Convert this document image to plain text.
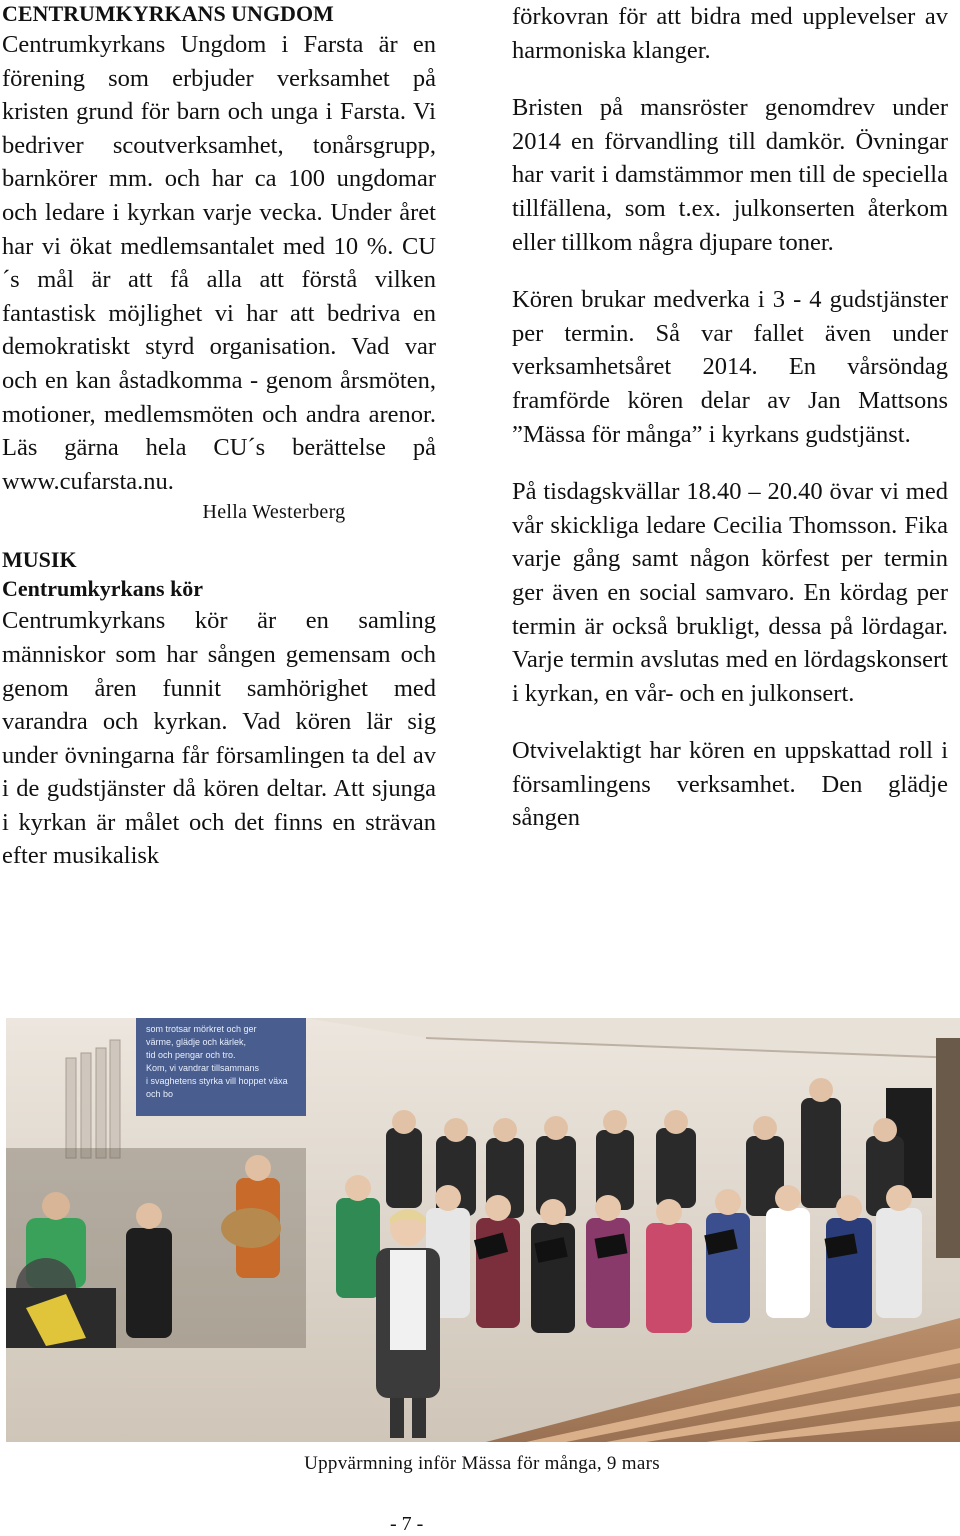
CENTRUMKYRKANS UNGDOM

Centrumkyrkans Ungdom i Farsta är en förening som erbjuder verksamhet på kristen grund för barn och unga i Farsta. Vi bedriver scoutverksamhet, tonårsgrupp, barnkörer mm. och har ca 100 ungdomar och ledare i kyrkan varje vecka. Under året har vi ökat medlemsantalet med 10 %. CU´s mål är att få alla att förstå vilken fantastisk möjlighet vi har att bedriva en demokratiskt styrd organisation. Vad var och en kan åstadkomma - genom årsmöten, motioner, medlemsmöten och andra arenor. Läs gärna hela CU´s berättelse på www.cufarsta.nu.

Hella Westerberg

MUSIK

Centrumkyrkans kör

Centrumkyrkans kör är en samling människor som har sången gemensam och genom åren funnit samhörighet med varandra och kyrkan. Vad kören lär sig under övningarna får församlingen ta del av i de gudstjänster då kören deltar. Att sjunga i kyrkan är målet och det finns en strävan efter musikalisk

förkovran för att bidra med upplevelser av harmoniska klanger.

Bristen på mansröster genomdrev under 2014 en förvandling till damkör. Övningar har varit i damstämmor men till de speciella tillfällena, som t.ex. julkonserten återkom eller tillkom några djupare toner.

Kören brukar medverka i 3 - 4 gudstjänster per termin. Så var fallet även under verksamhetsåret 2014. En vårsöndag framförde kören delar av Jan Mattsons ”Mässa för många” i kyrkans gudstjänst.

På tisdagskvällar 18.40 – 20.40 övar vi med vår skickliga ledare Cecilia Thomsson. Fika varje gång samt någon körfest per termin ger även en social samvaro. En kördag per termin är också brukligt, dessa på lördagar. Varje termin avslutas med en lördagskonsert i kyrkan, en vår- och en julkonsert.

Otvivelaktigt har kören en uppskattad roll i församlingens verksamhet. Den glädje sången

som trotsar mörkret och ger värme, glädje och kärlek, tid och pengar och tro. Kom, vi vandrar tillsammans i svaghetens styrka vill hoppet växa och bo
Uppvärmning inför Mässa för många, 9 mars
- 7 -
